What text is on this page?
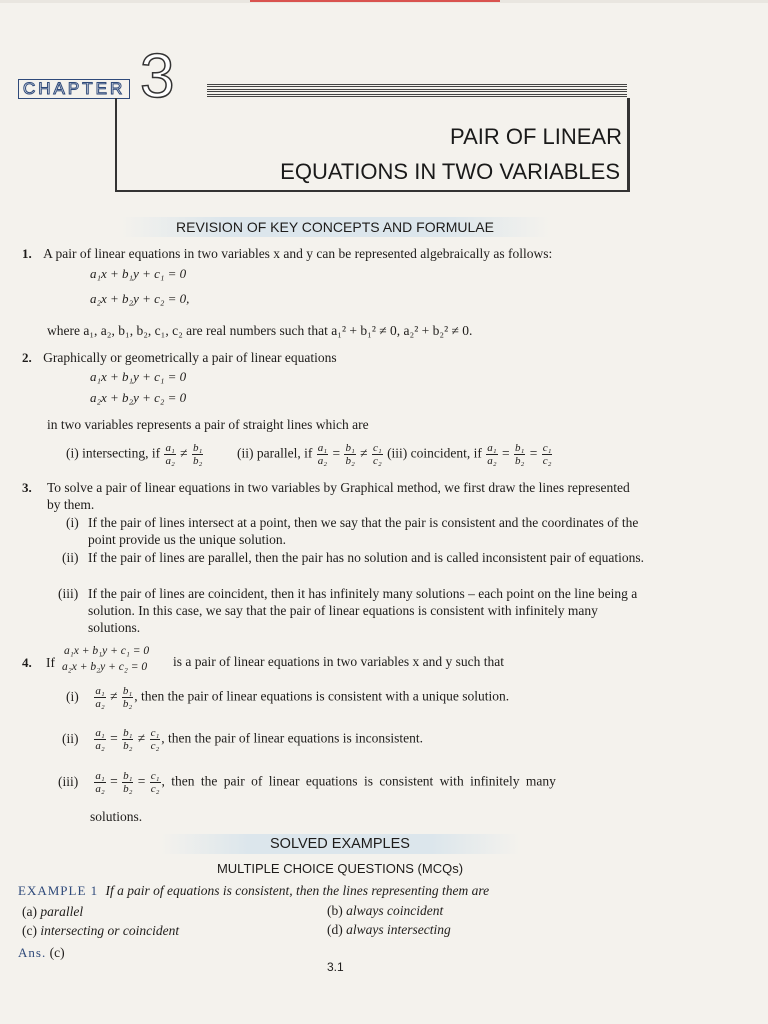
CHAPTER 3
PAIR OF LINEAR
EQUATIONS IN TWO VARIABLES
REVISION OF KEY CONCEPTS AND FORMULAE
1. A pair of linear equations in two variables x and y can be represented algebraically as follows:
a₁x + b₁y + c₁ = 0
a₂x + b₂y + c₂ = 0,
where a₁, a₂, b₁, b₂, c₁, c₂ are real numbers such that a₁² + b₁² ≠ 0, a₂² + b₂² ≠ 0.
2. Graphically or geometrically a pair of linear equations
a₁x + b₁y + c₁ = 0
a₂x + b₂y + c₂ = 0
in two variables represents a pair of straight lines which are
(i) intersecting, if $\frac{\text{a₁}}{\text{a₂}} \ne \frac{\text{b₁}}{\text{b₂}}$	(ii) parallel, if $\frac{\text{a₁}}{\text{a₂}} = \frac{\text{b₁}}{\text{b₂}} \ne \frac{\text{c₁}}{\text{c₂}} (iii)$ coincident, if $\frac{\text{a₁}}{\text{a₂}} = \frac{\text{b₁}}{\text{b₂}} = \frac{\text{c₁}}{\text{c₂}}$
3.	To solve a pair of linear equations in two variables by Graphical method, we first draw the lines represented by them.
(i) If the pair of lines intersect at a point, then we say that the pair is consistent and the coordinates of the point provide us the unique solution.
(ii) If the pair of lines are parallel, then the pair has no solution and is called inconsistent pair of equations.
(iii) If the pair of lines are coincident, then it has infinitely many solutions – each point on the line being a solution. In this case, we say that the pair of linear equations is consistent with infinitely many solutions.
4. If
a₁x + b₁y + c₁ = 0
a₂x + b₂y + c₂ = 0 is a pair of linear equations in two variables x and y such that
$(i) \frac{\text{a₁}}{\text{a₂}} \ne \frac{\text{b₁}}{\text{b₂}}$ , then the pair of linear equations is consistent with a unique solution.
$(ii) \frac{\text{a₁}}{\text{a₂}} = \frac{\text{b₁}}{\text{b₂}} \ne \frac{\text{c₁}}{\text{c₂}}$ , then the pair of linear equations is inconsistent.
$(iii) \frac{\text{a₁}}{\text{a₂}} = \frac{\text{b₁}}{\text{b₂}} = \frac{\text{c₁}}{\text{c₂}}$ , then the pair of linear equations is consistent with infinitely many
solutions.
SOLVED EXAMPLES
MULTIPLE CHOICE QUESTIONS (MCQs)
EXAMPLE 1 If a pair of equations is consistent, then the lines representing them are
(a) parallel	(b) always coincident
(c) intersecting or coincident	(d) always intersecting
Ans. (c)
3.1
